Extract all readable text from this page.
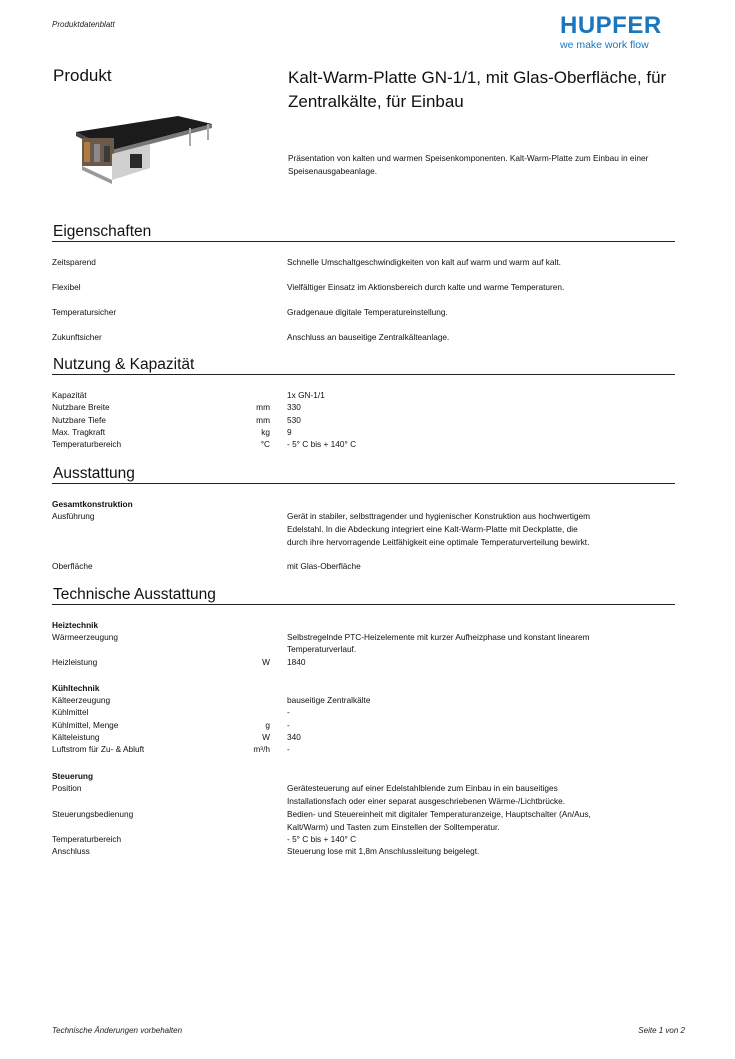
Produktdatenblatt	HUPFER
we make work flow
Produkt	Kalt-Warm-Platte GN-1/1, mit Glas-Oberfläche, für Zentralkälte, für Einbau
Präsentation von kalten und warmen Speisenkomponenten. Kalt-Warm-Platte zum Einbau in einer Speisenausgabeanlage.
Eigenschaften
Zeitsparend	Schnelle Umschaltgeschwindigkeiten von kalt auf warm und warm auf kalt.
Flexibel	Vielfältiger Einsatz im Aktionsbereich durch kalte und warme Temperaturen.
Temperatursicher	Gradgenaue digitale Temperatureinstellung.
Zukunftsicher	Anschluss an bauseitige Zentralkälteanlage.
Nutzung & Kapazität
Kapazität	1x GN-1/1
Nutzbare Breite	mm 330
Nutzbare Tiefe	mm 530
Max. Tragkraft	kg 9
Temperaturbereich	°C - 5° C bis + 140° C
Ausstattung
Gesamtkonstruktion
Ausführung	Gerät in stabiler, selbsttragender und hygienischer Konstruktion aus hochwertigem
Edelstahl. In die Abdeckung integriert eine Kalt-Warm-Platte mit Deckplatte, die
durch ihre hervorragende Leitfähigkeit eine optimale Temperaturverteilung bewirkt.
Oberfläche	mit Glas-Oberfläche
Technische Ausstattung
Heiztechnik
Wärmeerzeugung	Selbstregelnde PTC-Heizelemente mit kurzer Aufheizphase und konstant linearem
Temperaturverlauf.
Heizleistung	W 1840
Kühltechnik
Kälteerzeugung	bauseitige Zentralkälte
Kühlmittel	-
Kühlmittel, Menge	g -
Kälteleistung	W 340
Luftstrom für Zu- & Abluft	m³/h -
Steuerung
Position	Gerätesteuerung auf einer Edelstahlblende zum Einbau in ein bauseitiges
Installationsfach oder einer separat ausgeschriebenen Wärme-/Lichtbrücke.
Steuerungsbedienung	Bedien- und Steuereinheit mit digitaler Temperaturanzeige, Hauptschalter (An/Aus,
Kalt/Warm) und Tasten zum Einstellen der Solltemperatur.
Temperaturbereich	- 5° C bis + 140° C
Anschluss	Steuerung lose mit 1,8m Anschlussleitung beigelegt.
Technische Änderungen vorbehalten	Seite 1 von 2
